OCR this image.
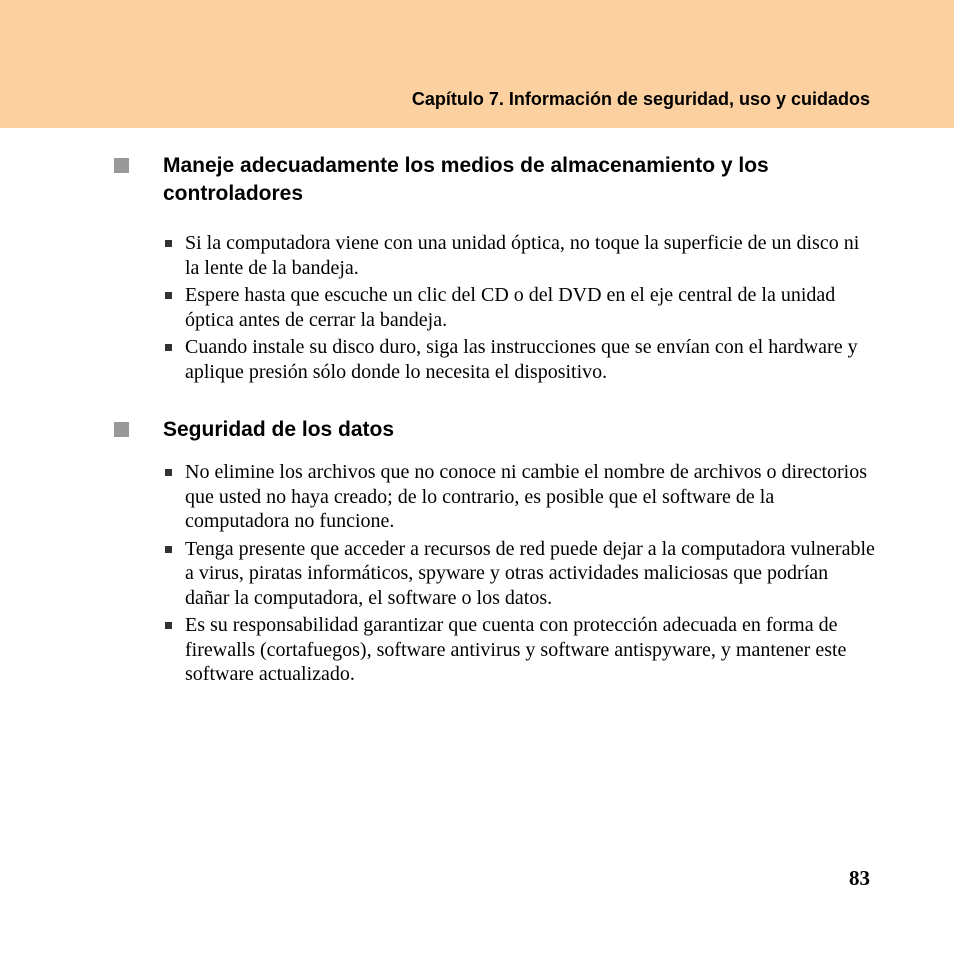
Capítulo 7. Información de seguridad, uso y cuidados
Maneje adecuadamente los medios de almacenamiento y los controladores
Si la computadora viene con una unidad óptica, no toque la superficie de un disco ni la lente de la bandeja.
Espere hasta que escuche un clic del CD o del DVD en el eje central de la unidad óptica antes de cerrar la bandeja.
Cuando instale su disco duro, siga las instrucciones que se envían con el hardware y aplique presión sólo donde lo necesita el dispositivo.
Seguridad de los datos
No elimine los archivos que no conoce ni cambie el nombre de archivos o directorios que usted no haya creado; de lo contrario, es posible que el software de la computadora no funcione.
Tenga presente que acceder a recursos de red puede dejar a la computadora vulnerable a virus, piratas informáticos, spyware y otras actividades maliciosas que podrían dañar la computadora, el software o los datos.
Es su responsabilidad garantizar que cuenta con protección adecuada en forma de firewalls (cortafuegos), software antivirus y software antispyware, y mantener este software actualizado.
83
